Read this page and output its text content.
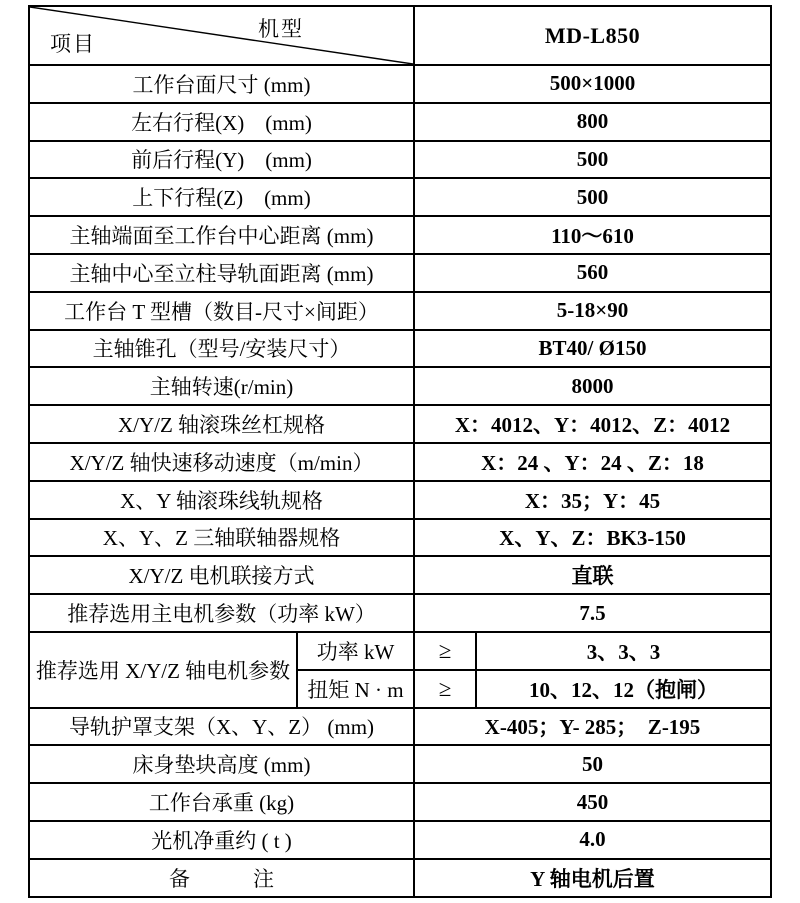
机型
项目		MD-L850	
工作台面尺寸 (mm)		500×1000	
左右行程(X)　(mm)		800	
前后行程(Y)　(mm)		500	
上下行程(Z)　(mm)		500	
主轴端面至工作台中心距离 (mm)		110～610	
主轴中心至立柱导轨面距离 (mm)		560	
工作台 T 型槽（数目-尺寸×间距）		5-18×90	
主轴锥孔（型号/安装尺寸）		BT40/ Ø150	
主轴转速(r/min)		8000	
X/Y/Z 轴滚珠丝杠规格		X：4012、Y：4012、Z：4012	
X/Y/Z 轴快速移动速度（m/min）		X：24 、Y：24 、Z：18	
X、Y 轴滚珠线轨规格		X：35；Y：45	
X、Y、Z 三轴联轴器规格		X、Y、Z：BK3-150	
X/Y/Z 电机联接方式		直联	
推荐选用主电机参数（功率 kW）		7.5	
推荐选用 X/Y/Z 轴电机参数	功率 kW	≥	3、3、3
	扭矩 N · m	≥	10、12、12（抱闸）
导轨护罩支架（X、Y、Z） (mm)		X-405；Y- 285；　Z-195	
床身垫块高度 (mm)		50	
工作台承重 (kg)		450	
光机净重约 ( t )		4.0	
备　　　注		Y 轴电机后置	
